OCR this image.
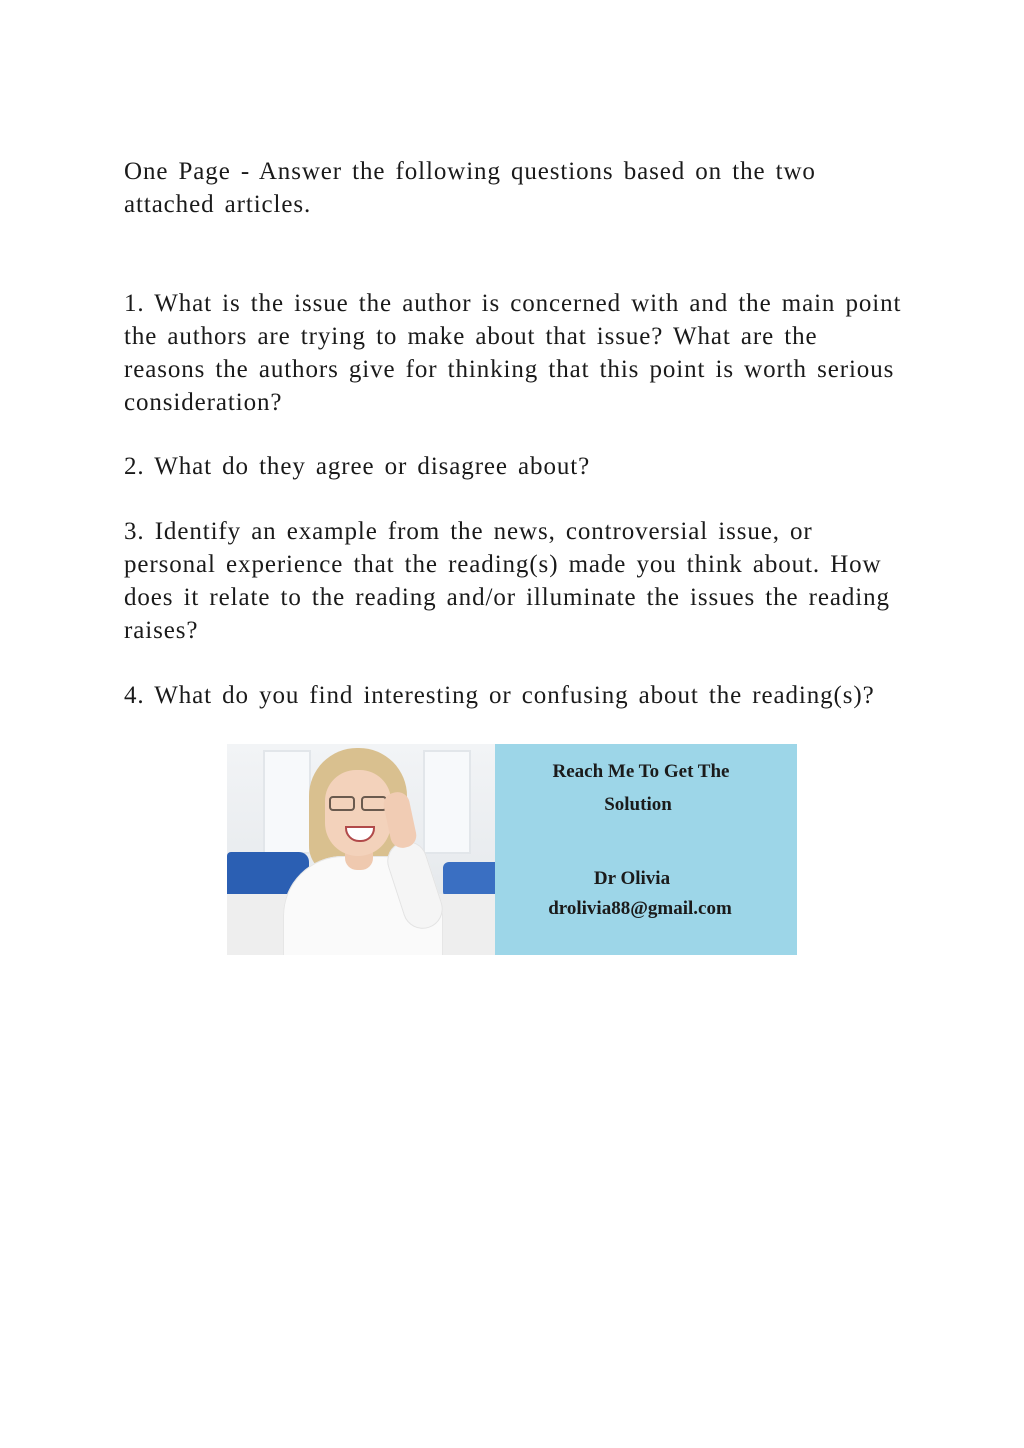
One Page - Answer the following questions based on the two attached articles.

1. What is the issue the author is concerned with and the main point the authors are trying to make about that issue? What are the reasons the authors give for thinking that this point is worth serious consideration?

2. What do they agree or disagree about?

3. Identify an example from the news, controversial issue, or personal experience that the reading(s) made you think about. How does it relate to the reading and/or illuminate the issues the reading raises?

4. What do you find interesting or confusing about the reading(s)?

Reach Me To Get The
Solution
Dr Olivia
drolivia88@gmail.com
